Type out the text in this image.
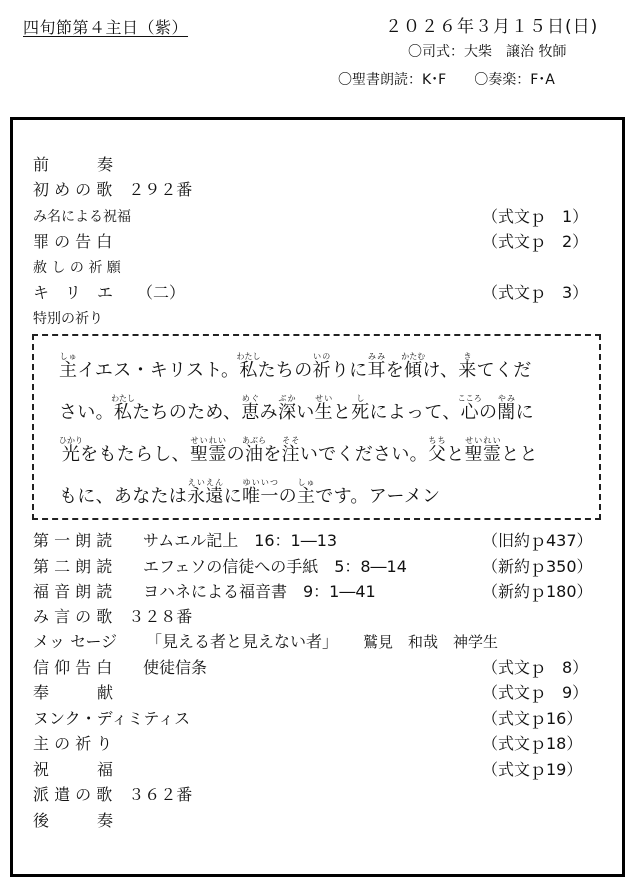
四旬節第４主日（紫）	２０２６年３月１５日(日)
〇司式：大柴　譲治 牧師
〇聖書朗読：K･F 〇奏楽：F･A
前　　　奏
初 め の 歌　２９２番
み名による祝福	（式文ｐ　1）
罪 の 告 白	（式文ｐ　2）
赦 し の 祈 願
キ　リ　エ　　（二）	（式文ｐ　3）
特別の祈り
主しゅイエス・キリスト。私わたしたちの祈いのりに耳みみを傾かたむけ、来きてくだ
さい。私わたしたちのため、恵めぐみ深ぶかい生せいと死しによって、心こころの闇やみに
光ひかりをもたらし、聖霊せいれいの油あぶらを注そそいでください。父ちちと聖霊せいれいとと
もに、あなたは永遠えいえんに唯一ゆいいつの主しゅです。アーメン
第 一 朗 読 サムエル記上　16：1―13	（旧約ｐ437）
第 二 朗 読 エフェソの信徒への手紙　5：8―14	（新約ｐ350）
福 音 朗 読 ヨハネによる福音書　9：1―41	（新約ｐ180）
み 言 の 歌　３２８番
メッ セージ 「見える者と見えない者」 鷲見　和哉　神学生
信 仰 告 白 使徒信条	（式文ｐ　8）
奉　　　献	（式文ｐ　9）
ヌンク・ディミティス	（式文ｐ16）
主 の 祈 り	（式文ｐ18）
祝　　　福	（式文ｐ19）
派 遣 の 歌　３６２番
後　　　奏
